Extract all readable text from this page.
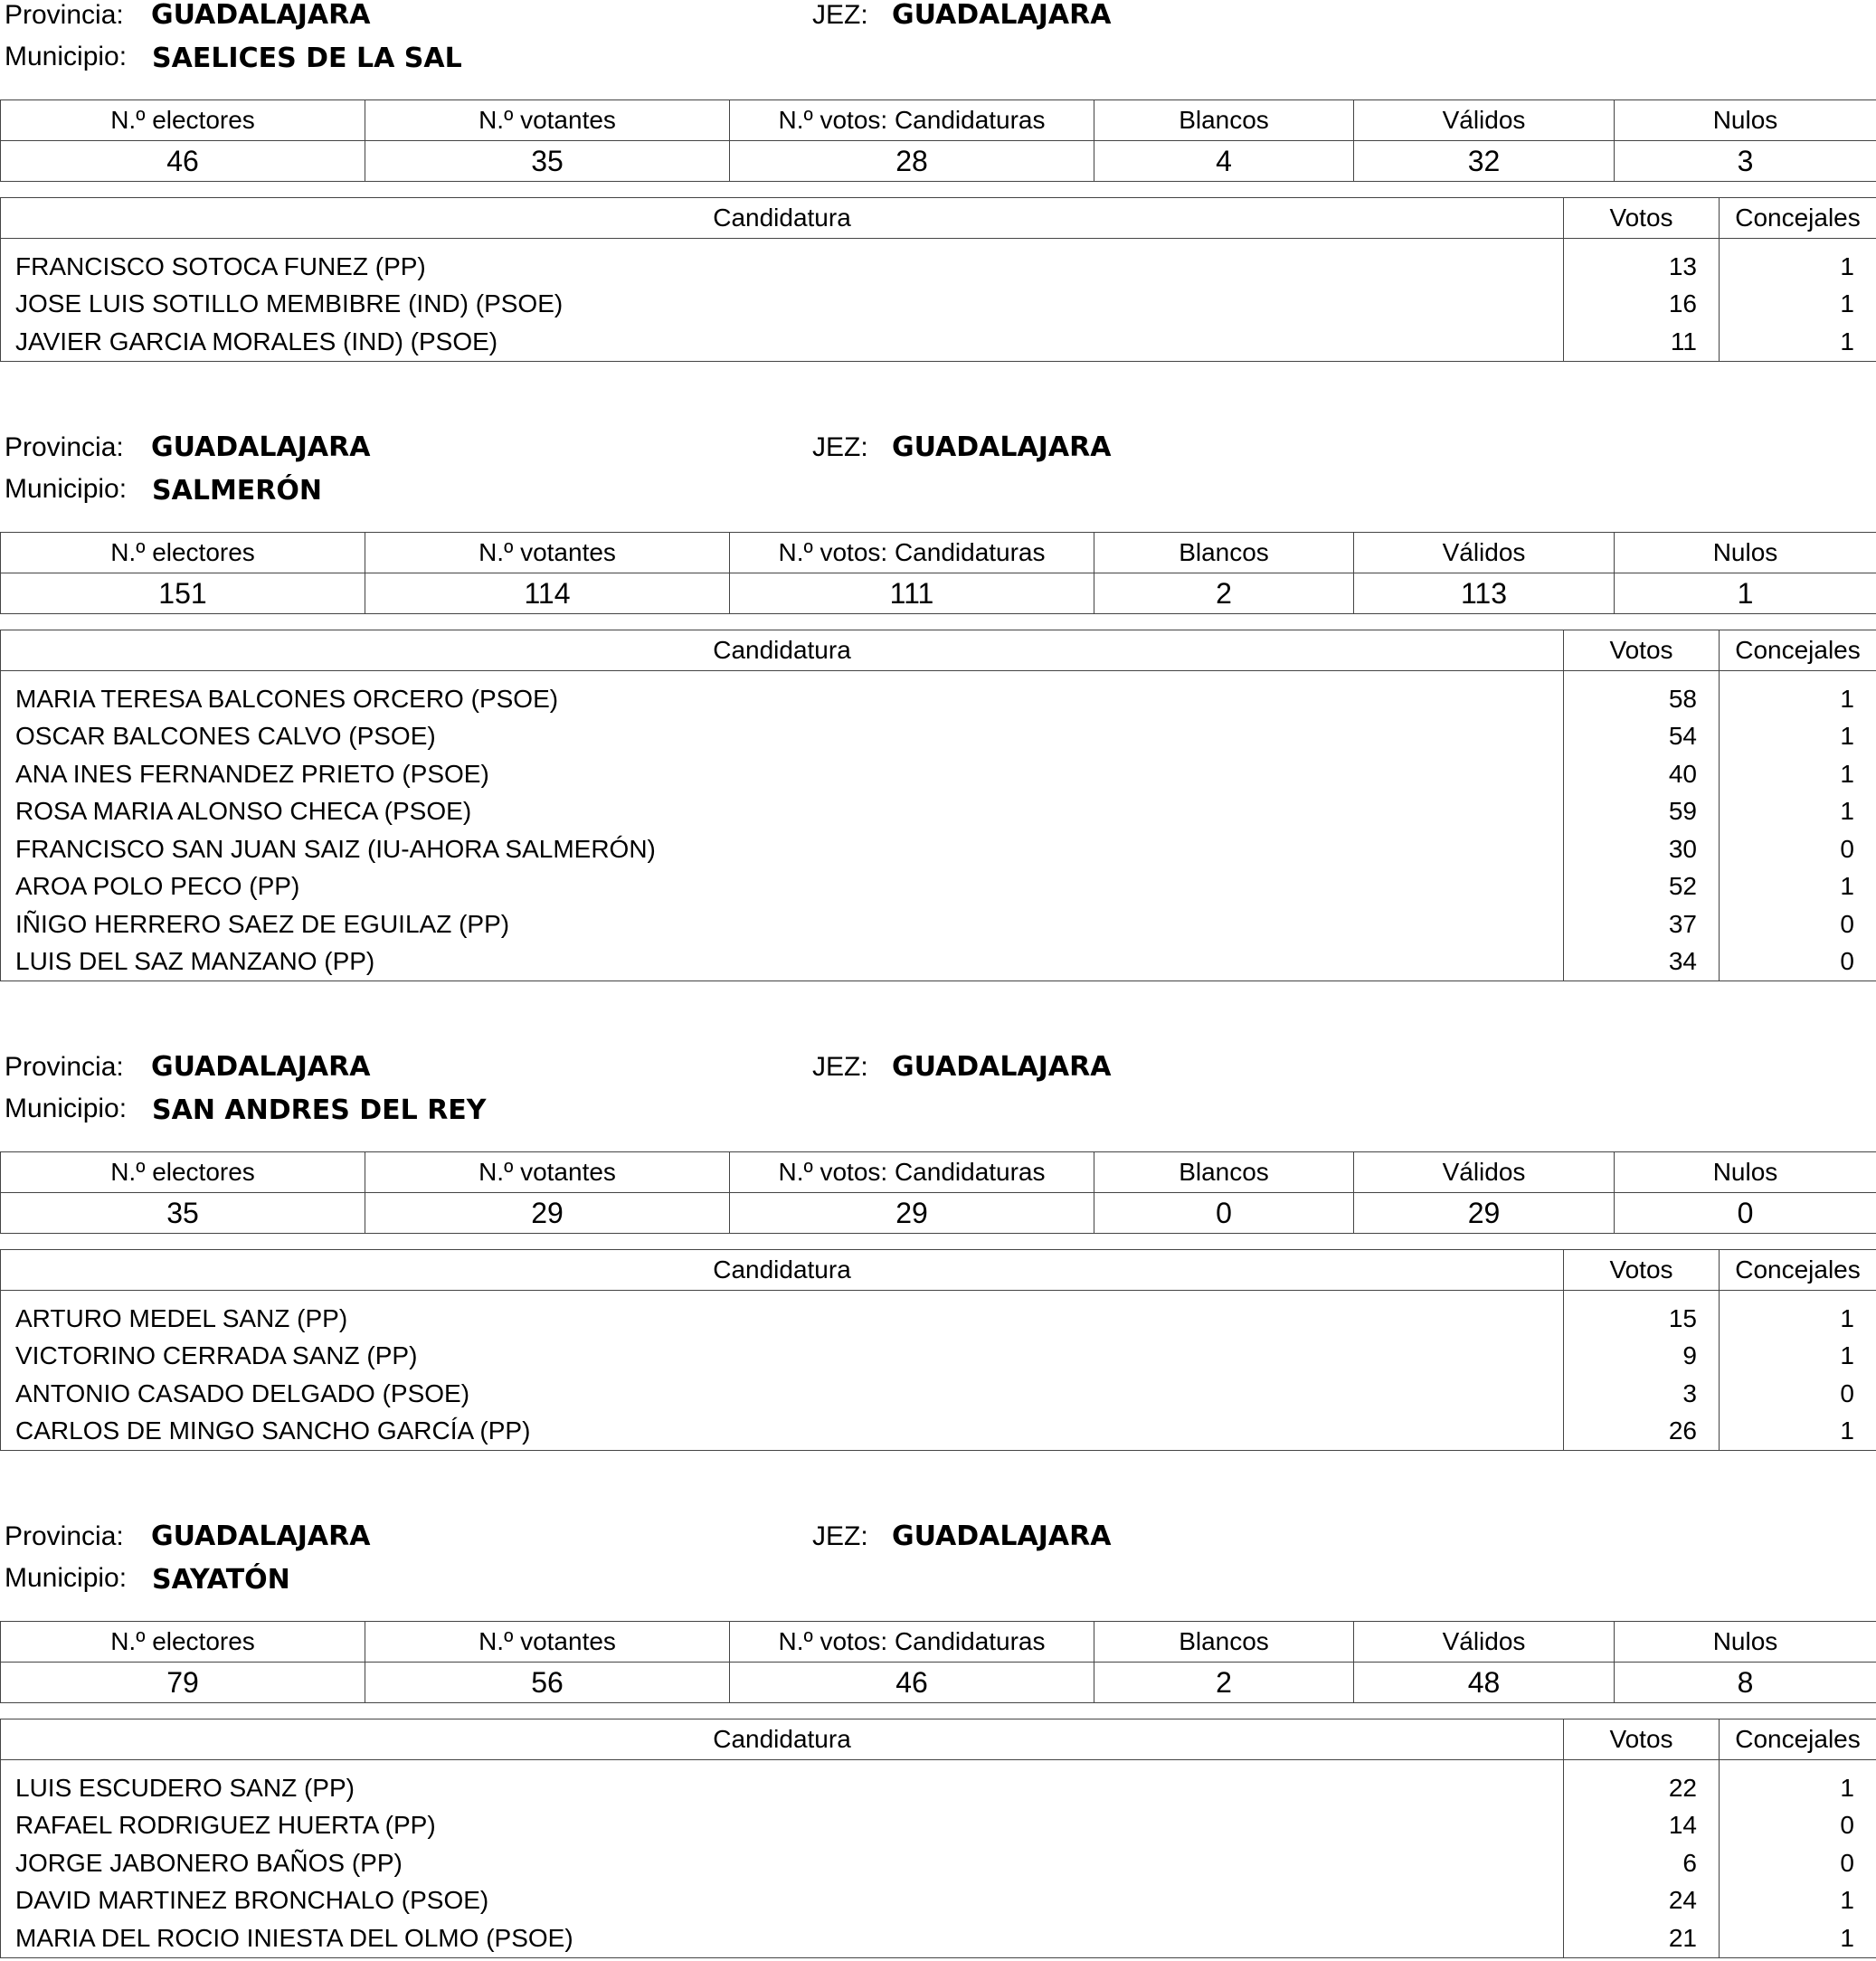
Provincia: GUADALAJARA	JEZ: GUADALAJARA
Municipio: SAELICES DE LA SAL
N.º electores	N.º votantes	N.º votos: Candidaturas	Blancos	Válidos	Nulos
46	35	28	4	32	3
Candidatura	Votos	Concejales

FRANCISCO SOTOCA FUNEZ (PP)	13	1
JOSE LUIS SOTILLO MEMBIBRE (IND) (PSOE)	16	1
JAVIER GARCIA MORALES (IND) (PSOE)	11	1
Provincia: GUADALAJARA	JEZ: GUADALAJARA
Municipio: SALMERÓN
N.º electores	N.º votantes	N.º votos: Candidaturas	Blancos	Válidos	Nulos
151	114	111	2	113	1
Candidatura	Votos	Concejales

MARIA TERESA BALCONES ORCERO (PSOE)	58	1
OSCAR BALCONES CALVO (PSOE)	54	1
ANA INES FERNANDEZ PRIETO (PSOE)	40	1
ROSA MARIA ALONSO CHECA (PSOE)	59	1
FRANCISCO SAN JUAN SAIZ (IU-AHORA SALMERÓN)	30	0
AROA POLO PECO (PP)	52	1
IÑIGO HERRERO SAEZ DE EGUILAZ (PP)	37	0
LUIS DEL SAZ MANZANO (PP)	34	0
Provincia: GUADALAJARA	JEZ: GUADALAJARA
Municipio: SAN ANDRES DEL REY
N.º electores	N.º votantes	N.º votos: Candidaturas	Blancos	Válidos	Nulos
35	29	29	0	29	0
Candidatura	Votos	Concejales

ARTURO MEDEL SANZ (PP)	15	1
VICTORINO CERRADA SANZ (PP)	9	1
ANTONIO CASADO DELGADO (PSOE)	3	0
CARLOS DE MINGO SANCHO GARCÍA (PP)	26	1
Provincia: GUADALAJARA	JEZ: GUADALAJARA
Municipio: SAYATÓN
N.º electores	N.º votantes	N.º votos: Candidaturas	Blancos	Válidos	Nulos
79	56	46	2	48	8
Candidatura	Votos	Concejales

LUIS ESCUDERO SANZ (PP)	22	1
RAFAEL RODRIGUEZ HUERTA (PP)	14	0
JORGE JABONERO BAÑOS (PP)	6	0
DAVID MARTINEZ BRONCHALO (PSOE)	24	1
MARIA DEL ROCIO INIESTA DEL OLMO (PSOE)	21	1
